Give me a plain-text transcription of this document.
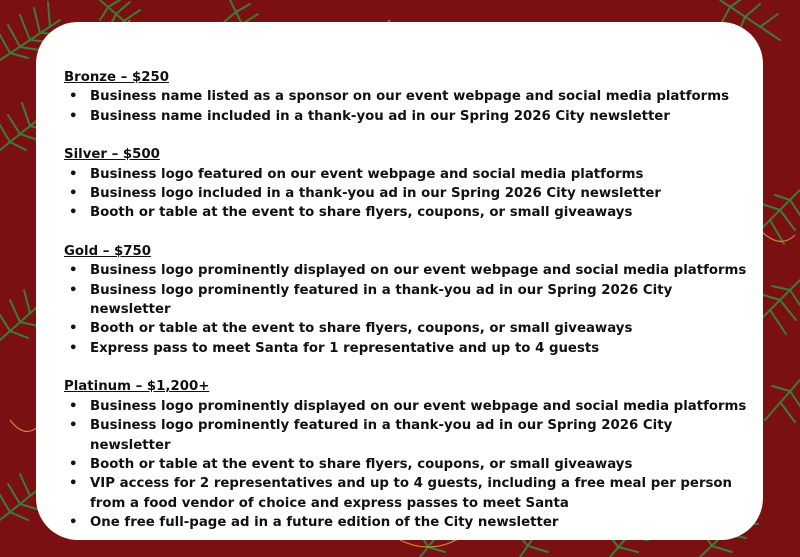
Bronze – $250
• Business name listed as a sponsor on our event webpage and social media platforms
• Business name included in a thank-you ad in our Spring 2026 City newsletter
Silver – $500
• Business logo featured on our event webpage and social media platforms
• Business logo included in a thank-you ad in our Spring 2026 City newsletter
• Booth or table at the event to share flyers, coupons, or small giveaways
Gold – $750
• Business logo prominently displayed on our event webpage and social media platforms
• Business logo prominently featured in a thank-you ad in our Spring 2026 City newsletter
• Booth or table at the event to share flyers, coupons, or small giveaways
• Express pass to meet Santa for 1 representative and up to 4 guests
Platinum – $1,200+
• Business logo prominently displayed on our event webpage and social media platforms
• Business logo prominently featured in a thank-you ad in our Spring 2026 City newsletter
• Booth or table at the event to share flyers, coupons, or small giveaways
• VIP access for 2 representatives and up to 4 guests, including a free meal per person from a food vendor of choice and express passes to meet Santa
• One free full-page ad in a future edition of the City newsletter
